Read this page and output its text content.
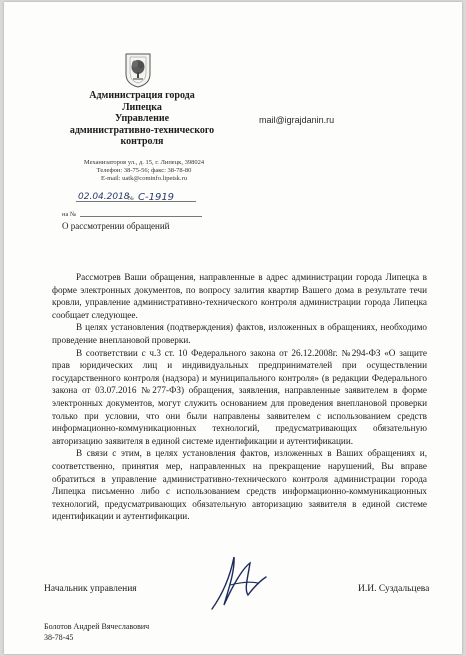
Администрация города
Липецка
Управление
административно-технического
контроля
Механизаторов ул., д. 15, г. Липецк, 398024
Телефон: 38-75-56; факс: 38-78-80
E-mail: uatk@cominfo.lipetsk.ru
mail@igrajdanin.ru
02.04.2018
№ С-1919
на №
О рассмотрении обращений

Рассмотрев Ваши обращения, направленные в адрес администрации города Липецка в форме электронных документов, по вопросу залития квартир Вашего дома в результате течи кровли, управление административно-технического контроля администрации города Липецка сообщает следующее.

В целях установления (подтверждения) фактов, изложенных в обращениях, необходимо проведение внеплановой проверки.

В соответствии с ч.3 ст. 10 Федерального закона от 26.12.2008г. №294-ФЗ «О защите прав юридических лиц и индивидуальных предпринимателей при осуществлении государственного контроля (надзора) и муниципального контроля» (в редакции Федерального закона от 03.07.2016 №277-ФЗ) обращения, заявления, направленные заявителем в форме электронных документов, могут служить основанием для проведения внеплановой проверки только при условии, что они были направлены заявителем с использованием средств информационно-коммуникационных технологий, предусматривающих обязательную авторизацию заявителя в единой системе идентификации и аутентификации.

В связи с этим, в целях установления фактов, изложенных в Ваших обращениях и, соответственно, принятия мер, направленных на прекращение нарушений, Вы вправе обратиться в управление административно-технического контроля администрации города Липецка письменно либо с использованием средств информационно-коммуникационных технологий, предусматривающих обязательную авторизацию заявителя в единой системе идентификации и аутентификации.

Начальник управления	И.И. Суздальцева
Болотов Андрей Вячеславович
38-78-45
